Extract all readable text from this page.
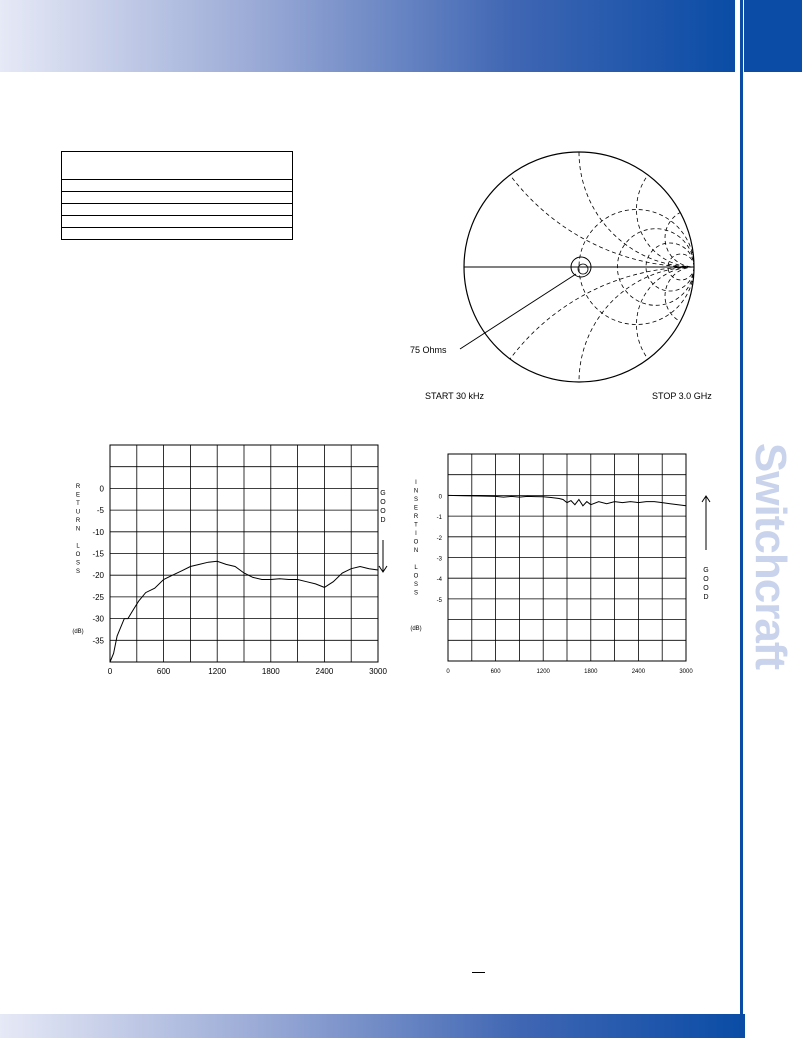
Switchcraft

75 Ohms
START 30 kHz	STOP 3.0 GHz
0
-5
-10
-15
-20
-25
-30
-35
0	600	1200	1800	2400	3000
R
E
T
U
R
N
L
O
S
S
(dB)
G
O
O
D
0
-1
-2
-3
-4
-5
0	600	1200	1800	2400	3000
I
N
S
E
R
T
I
O
N
L
O
S
S
(dB)
G
O
O
D
